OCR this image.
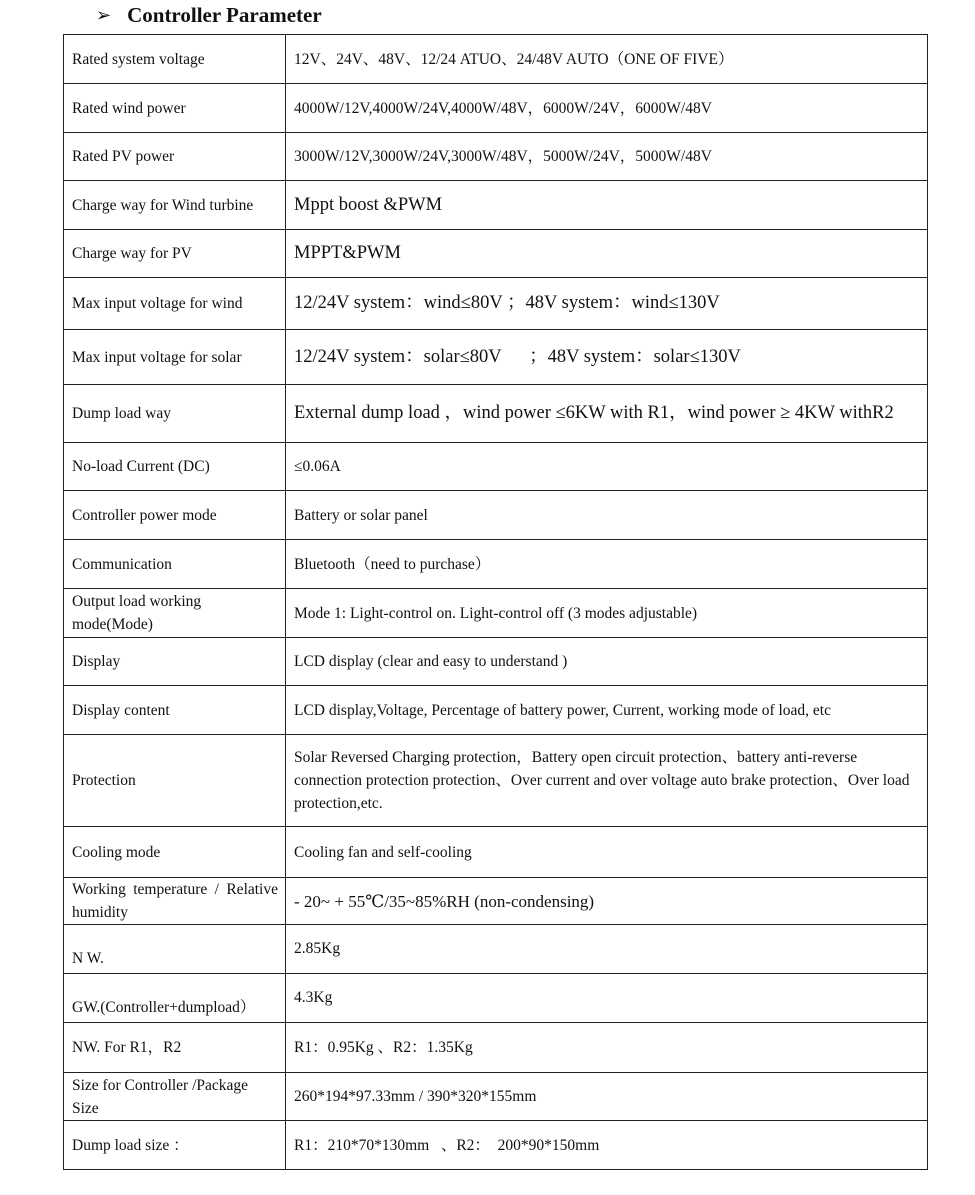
➢ Controller Parameter
Rated system voltage	12V、24V、48V、12/24 ATUO、24/48V AUTO（ONE OF FIVE）
Rated wind power	4000W/12V,4000W/24V,4000W/48V，6000W/24V，6000W/48V
Rated PV power	3000W/12V,3000W/24V,3000W/48V，5000W/24V，5000W/48V
Charge way for Wind turbine	Mppt boost &PWM
Charge way for PV	MPPT&PWM
Max input voltage for wind	12/24V system：wind≤80V ；48V system：wind≤130V
Max input voltage for solar	12/24V system：solar≤80V      ；48V system：solar≤130V
Dump load way	External dump load ，wind power ≤6KW with R1，wind power ≥ 4KW withR2
No-load Current (DC)	≤0.06A
Controller power mode	Battery or solar panel
Communication	Bluetooth（need to purchase）
Output load working mode(Mode)	Mode 1: Light-control on. Light-control off (3 modes adjustable)
Display	LCD display (clear and easy to understand )
Display content	LCD display,Voltage, Percentage of battery power, Current, working mode of load, etc
Protection	Solar Reversed Charging protection，Battery open circuit protection、battery anti-reverse connection protection protection、Over current and over voltage auto brake protection、Over load protection,etc.
Cooling mode	Cooling fan and self-cooling
Working temperature / Relative humidity	- 20~ + 55℃/35~85%RH (non-condensing)
N W.	2.85Kg
GW.(Controller+dumpload）	4.3Kg
NW. For R1，R2	R1：0.95Kg 、R2：1.35Kg
Size for Controller /Package Size	260*194*97.33mm / 390*320*155mm
Dump load size ：	R1：210*70*130mm   、R2：  200*90*150mm
